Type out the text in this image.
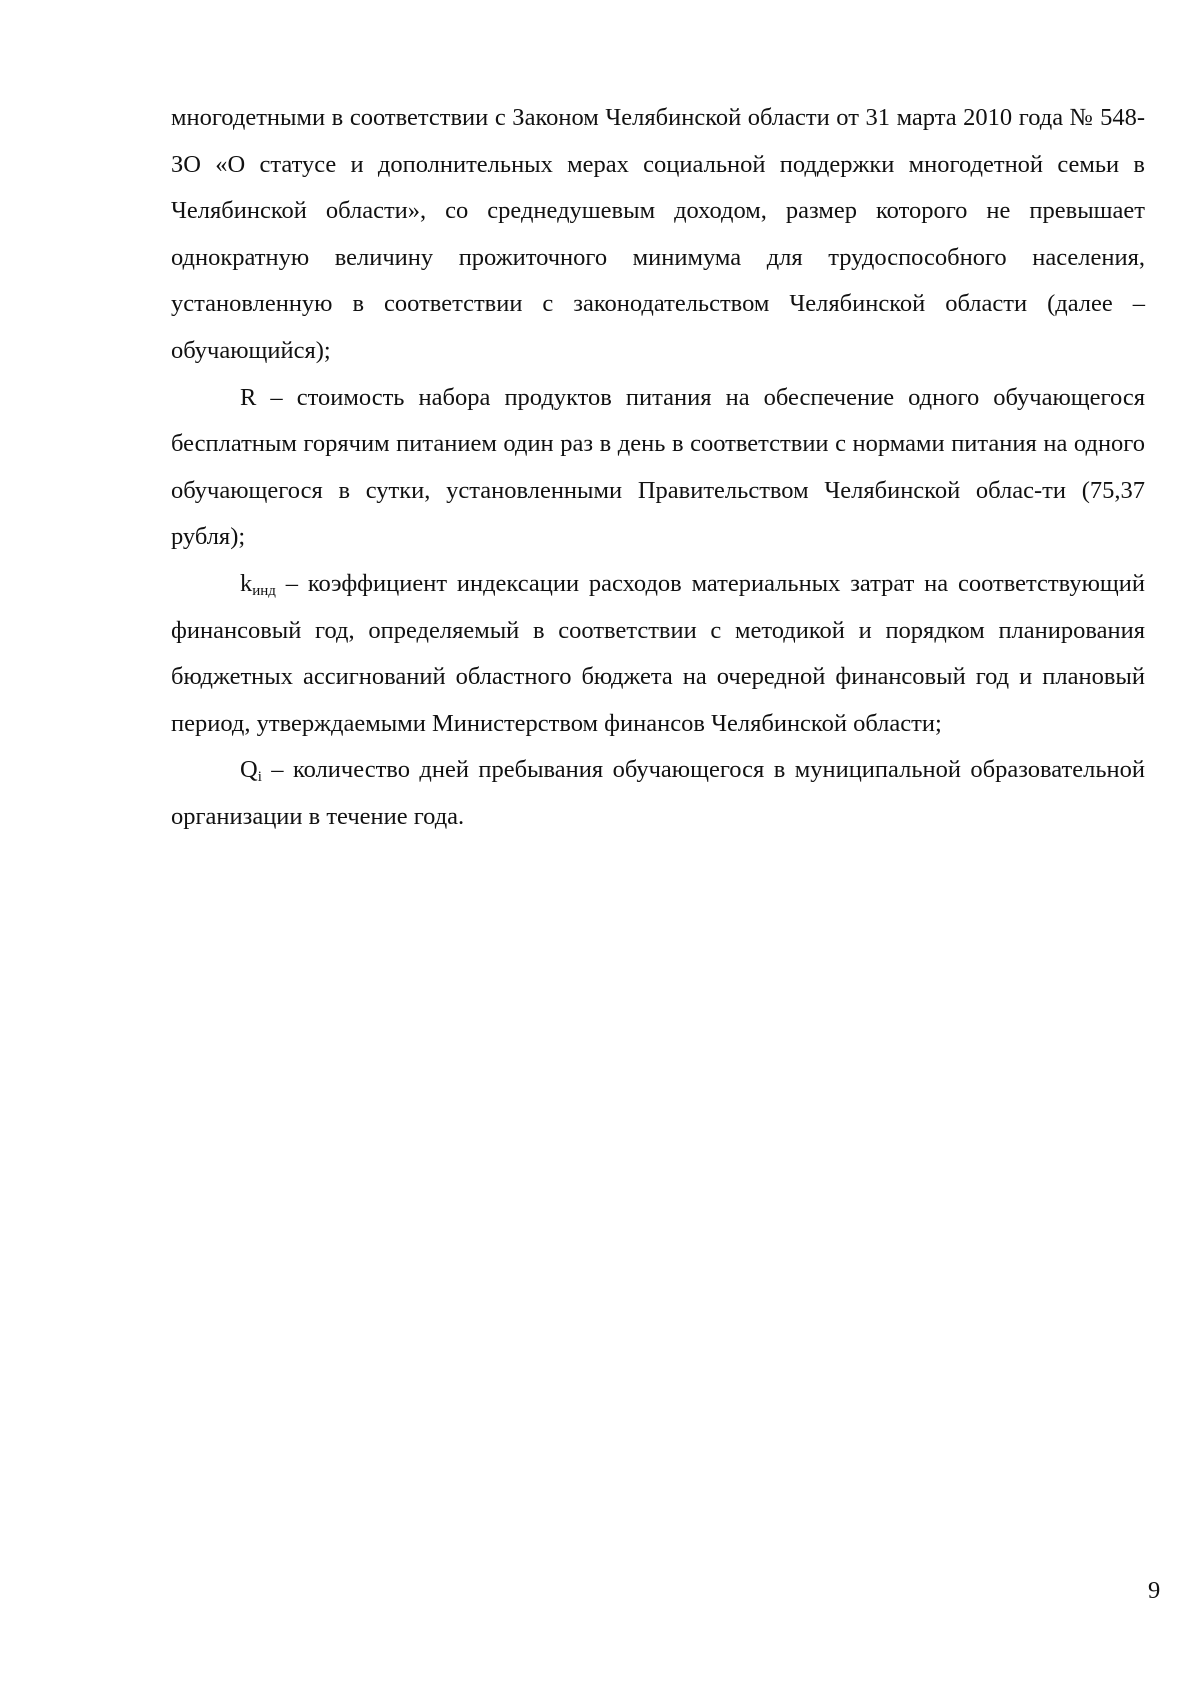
многодетными в соответствии с Законом Челябинской области от 31 марта 2010 года № 548-ЗО «О статусе и дополнительных мерах социальной поддержки многодетной семьи в Челябинской области», со среднедушевым доходом, размер которого не превышает однократную величину прожиточного минимума для трудоспособного населения, установленную в соответствии с законодательством Челябинской области (далее – обучающийся);

R – стоимость набора продуктов питания на обеспечение одного обучающегося бесплатным горячим питанием один раз в день в соответствии с нормами питания на одного обучающегося в сутки, установленными Правительством Челябинской облас-ти (75,37 рубля);

$k_{инд}$ – коэффициент индексации расходов материальных затрат на соответствующий финансовый год, определяемый в соответствии с методикой и порядком планирования бюджетных ассигнований областного бюджета на очередной финансовый год и плановый период, утверждаемыми Министерством финансов Челябинской области;

$Q_i$ – количество дней пребывания обучающегося в муниципальной образовательной организации в течение года.

9
